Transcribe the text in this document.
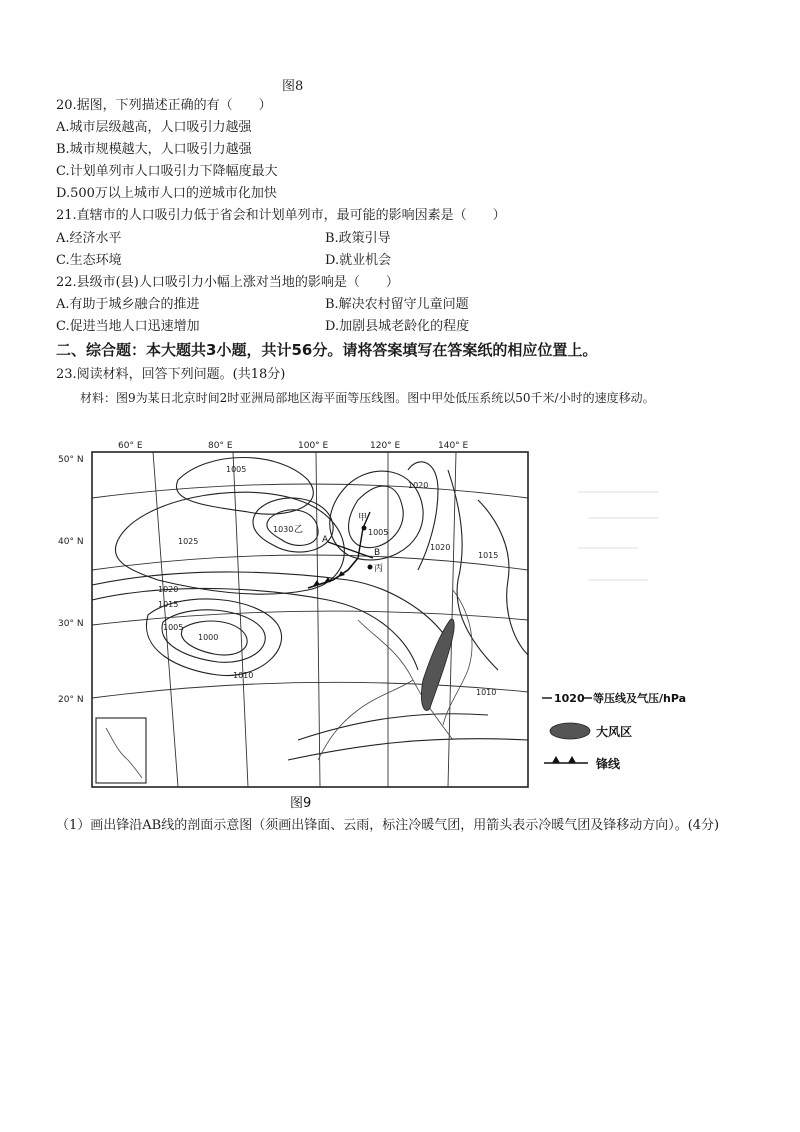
图8
20.据图，下列描述正确的有（　　）
A.城市层级越高，人口吸引力越强
B.城市规模越大，人口吸引力越强
C.计划单列市人口吸引力下降幅度最大
D.500万以上城市人口的逆城市化加快
21.直辖市的人口吸引力低于省会和计划单列市，最可能的影响因素是（　　）
A.经济水平	B.政策引导
C.生态环境	D.就业机会
22.县级市(县)人口吸引力小幅上涨对当地的影响是（　　）
A.有助于城乡融合的推进	B.解决农村留守儿童问题
C.促进当地人口迅速增加	D.加剧县城老龄化的程度
二、综合题：本大题共3小题，共计56分。请将答案填写在答案纸的相应位置上。
23.阅读材料，回答下列问题。(共18分)
材料：图9为某日北京时间2时亚洲局部地区海平面等压线图。图中甲处低压系统以50千米/小时的速度移动。
60° E	80° E	100° E	120° E	140° E
50° N
40° N
30° N
20° N
1005
1030
1025
1020
1015
1005
1000
1010
1005
1020
1020
1015
1010
甲
乙
丙
A
B
1020 等压线及气压/hPa
大风区
锋线
图9
（1）画出锋沿AB线的剖面示意图（须画出锋面、云雨，标注冷暖气团，用箭头表示冷暖气团及锋移动方向）。(4分)
